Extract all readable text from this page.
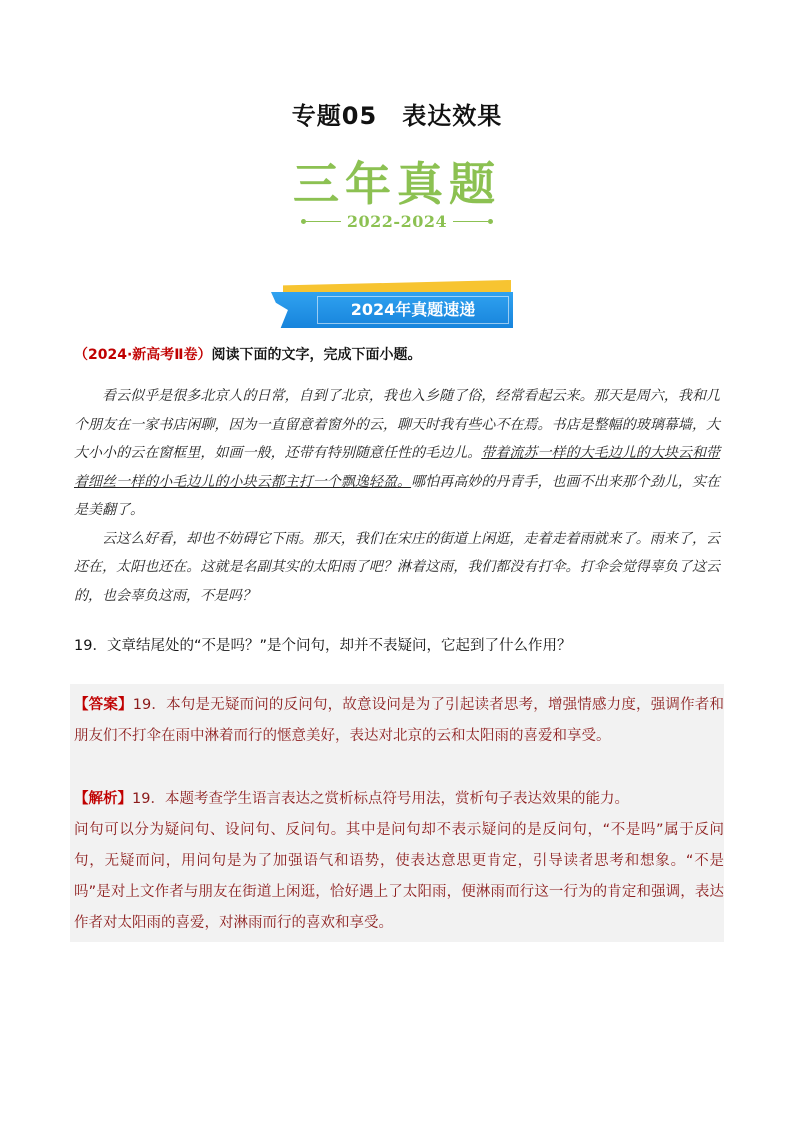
专题05　表达效果
三年真题
2022-2024
2024年真题速递
（2024·新高考Ⅱ卷）阅读下面的文字，完成下面小题。

看云似乎是很多北京人的日常，自到了北京，我也入乡随了俗，经常看起云来。那天是周六，我和几个朋友在一家书店闲聊，因为一直留意着窗外的云，聊天时我有些心不在焉。书店是整幅的玻璃幕墙，大大小小的云在窗框里，如画一般，还带有特别随意任性的毛边儿。带着流苏一样的大毛边儿的大块云和带着细丝一样的小毛边儿的小块云都主打一个飘逸轻盈。哪怕再高妙的丹青手，也画不出来那个劲儿，实在是美翻了。

云这么好看，却也不妨碍它下雨。那天，我们在宋庄的街道上闲逛，走着走着雨就来了。雨来了，云还在，太阳也还在。这就是名副其实的太阳雨了吧？淋着这雨，我们都没有打伞。打伞会觉得辜负了这云的，也会辜负这雨，不是吗？

19．文章结尾处的“不是吗？”是个问句，却并不表疑问，它起到了什么作用？
【答案】19．本句是无疑而问的反问句，故意设问是为了引起读者思考，增强情感力度，强调作者和朋友们不打伞在雨中淋着而行的惬意美好，表达对北京的云和太阳雨的喜爱和享受。
【解析】19．本题考查学生语言表达之赏析标点符号用法，赏析句子表达效果的能力。
问句可以分为疑问句、设问句、反问句。其中是问句却不表示疑问的是反问句，“不是吗”属于反问句，无疑而问，用问句是为了加强语气和语势，使表达意思更肯定，引导读者思考和想象。“不是吗”是对上文作者与朋友在街道上闲逛，恰好遇上了太阳雨，便淋雨而行这一行为的肯定和强调，表达作者对太阳雨的喜爱，对淋雨而行的喜欢和享受。
